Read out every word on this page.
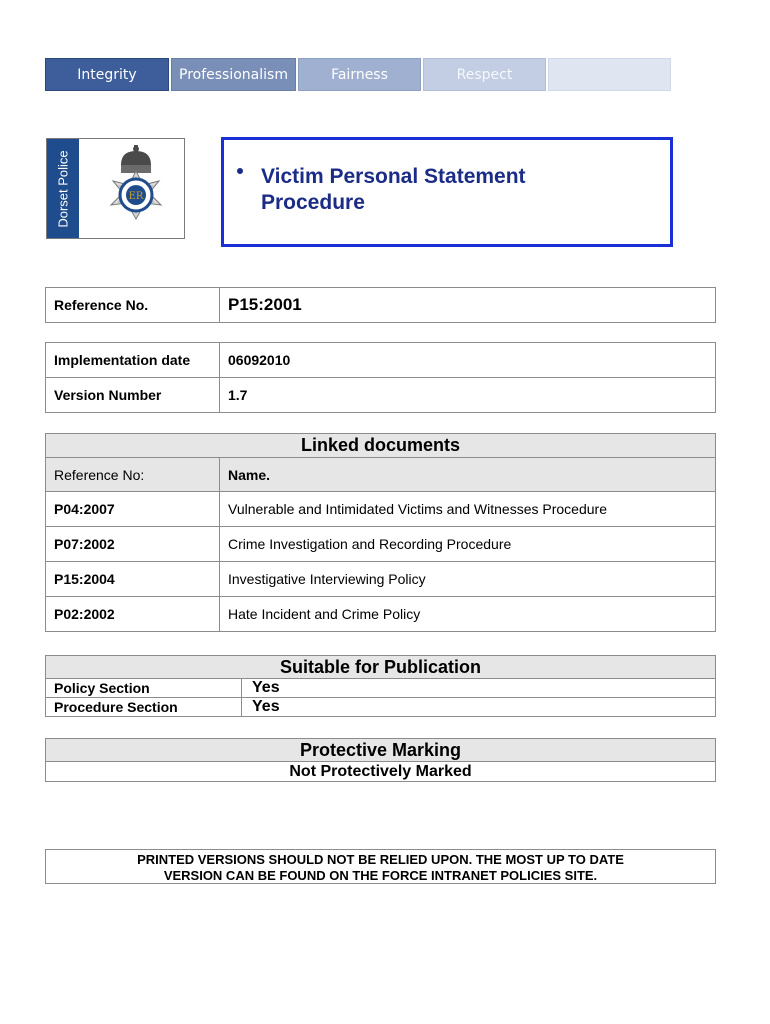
Integrity	Professionalism	Fairness	Respect
Dorset Police	ER
Victim Personal Statement
Procedure
Reference No.	P15:2001
Implementation date	06092010
Version Number	1.7
Linked documents	
Reference No:	Name.
P04:2007	Vulnerable and Intimidated Victims and Witnesses Procedure
P07:2002	Crime Investigation and Recording Procedure
P15:2004	Investigative Interviewing Policy
P02:2002	Hate Incident and Crime Policy
Suitable for Publication	
Policy Section	Yes
Procedure Section	Yes
Protective Marking
Not Protectively Marked
PRINTED VERSIONS SHOULD NOT BE RELIED UPON. THE MOST UP TO DATE
VERSION CAN BE FOUND ON THE FORCE INTRANET POLICIES SITE.
